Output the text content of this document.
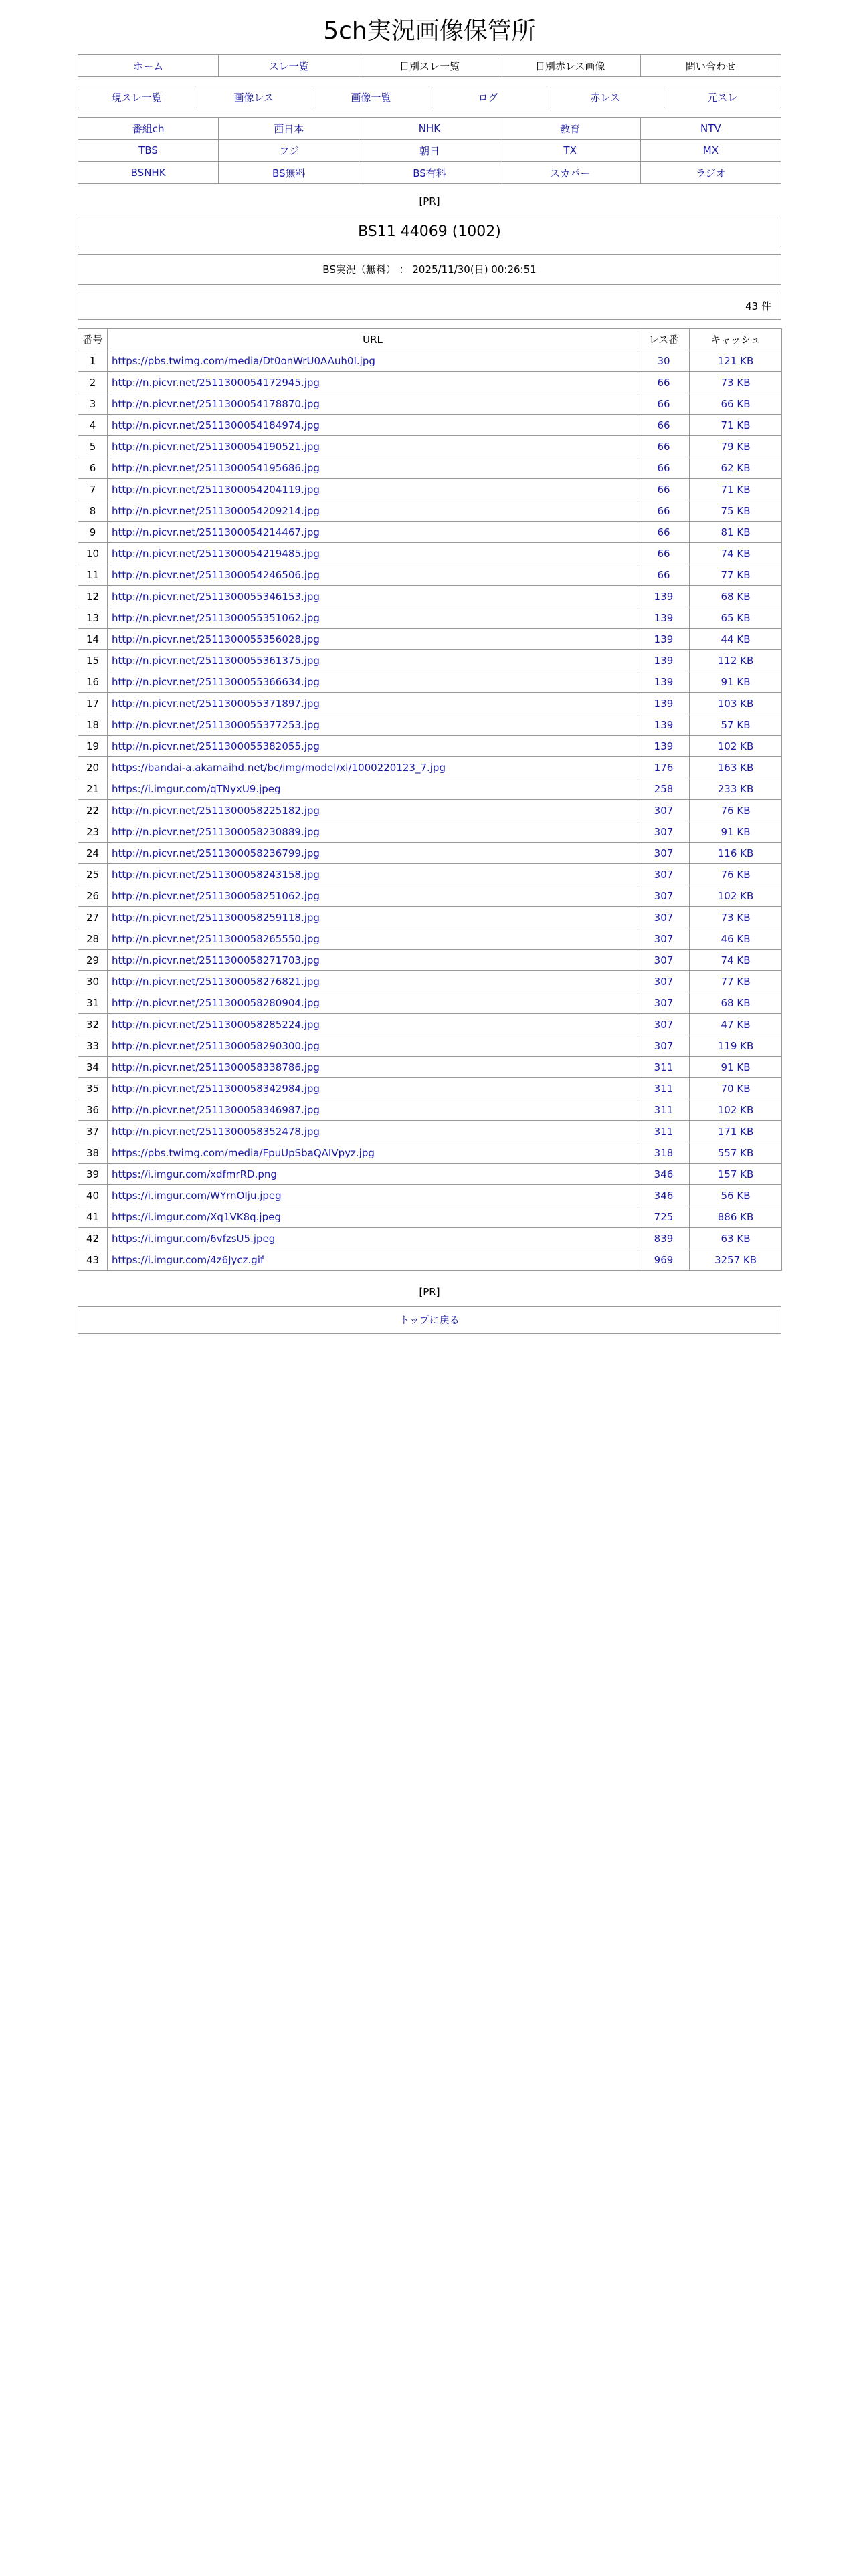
5ch実況画像保管所
ホーム	スレ一覧	日別スレ一覧	日別赤レス画像	問い合わせ
現スレ一覧	画像レス	画像一覧	ログ	赤レス	元スレ
番組ch	西日本	NHK	教育	NTV
TBS	フジ	朝日	TX	MX
BSNHK	BS無料	BS有料	スカパー	ラジオ
[PR]
BS11 44069 (1002)
BS実況（無料） ： 2025/11/30(日) 00:26:51
43 件
番号	URL	レス番	キャッシュ
1	https://pbs.twimg.com/media/Dt0onWrU0AAuh0I.jpg	30	121 KB
2	http://n.picvr.net/2511300054172945.jpg	66	73 KB
3	http://n.picvr.net/2511300054178870.jpg	66	66 KB
4	http://n.picvr.net/2511300054184974.jpg	66	71 KB
5	http://n.picvr.net/2511300054190521.jpg	66	79 KB
6	http://n.picvr.net/2511300054195686.jpg	66	62 KB
7	http://n.picvr.net/2511300054204119.jpg	66	71 KB
8	http://n.picvr.net/2511300054209214.jpg	66	75 KB
9	http://n.picvr.net/2511300054214467.jpg	66	81 KB
10	http://n.picvr.net/2511300054219485.jpg	66	74 KB
11	http://n.picvr.net/2511300054246506.jpg	66	77 KB
12	http://n.picvr.net/2511300055346153.jpg	139	68 KB
13	http://n.picvr.net/2511300055351062.jpg	139	65 KB
14	http://n.picvr.net/2511300055356028.jpg	139	44 KB
15	http://n.picvr.net/2511300055361375.jpg	139	112 KB
16	http://n.picvr.net/2511300055366634.jpg	139	91 KB
17	http://n.picvr.net/2511300055371897.jpg	139	103 KB
18	http://n.picvr.net/2511300055377253.jpg	139	57 KB
19	http://n.picvr.net/2511300055382055.jpg	139	102 KB
20	https://bandai-a.akamaihd.net/bc/img/model/xl/1000220123_7.jpg	176	163 KB
21	https://i.imgur.com/qTNyxU9.jpeg	258	233 KB
22	http://n.picvr.net/2511300058225182.jpg	307	76 KB
23	http://n.picvr.net/2511300058230889.jpg	307	91 KB
24	http://n.picvr.net/2511300058236799.jpg	307	116 KB
25	http://n.picvr.net/2511300058243158.jpg	307	76 KB
26	http://n.picvr.net/2511300058251062.jpg	307	102 KB
27	http://n.picvr.net/2511300058259118.jpg	307	73 KB
28	http://n.picvr.net/2511300058265550.jpg	307	46 KB
29	http://n.picvr.net/2511300058271703.jpg	307	74 KB
30	http://n.picvr.net/2511300058276821.jpg	307	77 KB
31	http://n.picvr.net/2511300058280904.jpg	307	68 KB
32	http://n.picvr.net/2511300058285224.jpg	307	47 KB
33	http://n.picvr.net/2511300058290300.jpg	307	119 KB
34	http://n.picvr.net/2511300058338786.jpg	311	91 KB
35	http://n.picvr.net/2511300058342984.jpg	311	70 KB
36	http://n.picvr.net/2511300058346987.jpg	311	102 KB
37	http://n.picvr.net/2511300058352478.jpg	311	171 KB
38	https://pbs.twimg.com/media/FpuUpSbaQAIVpyz.jpg	318	557 KB
39	https://i.imgur.com/xdfmrRD.png	346	157 KB
40	https://i.imgur.com/WYrnOIju.jpeg	346	56 KB
41	https://i.imgur.com/Xq1VK8q.jpeg	725	886 KB
42	https://i.imgur.com/6vfzsU5.jpeg	839	63 KB
43	https://i.imgur.com/4z6Jycz.gif	969	3257 KB
[PR]
トップに戻る
